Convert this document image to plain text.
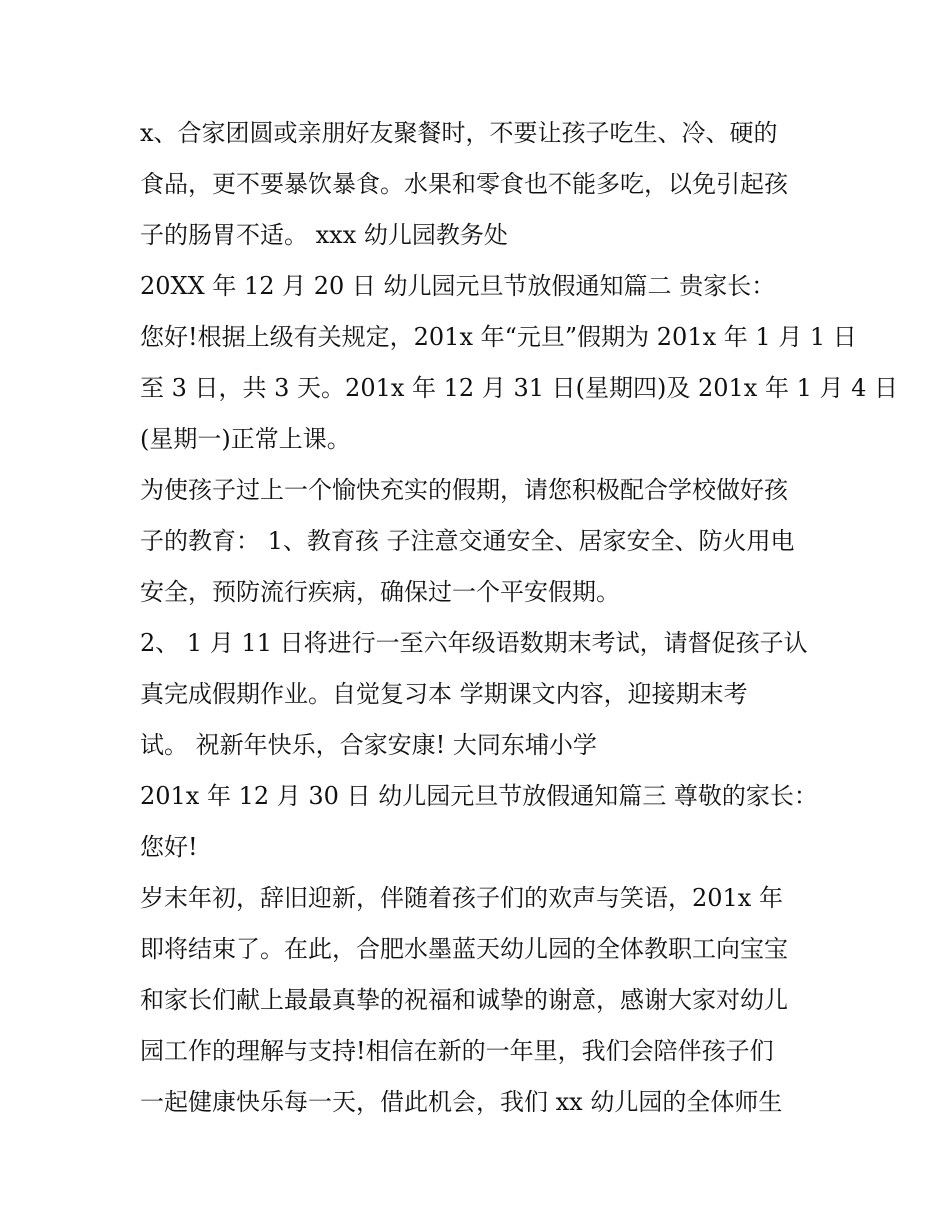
x、合家团圆或亲朋好友聚餐时，不要让孩子吃生、冷、硬的
食品，更不要暴饮暴食。水果和零食也不能多吃，以免引起孩
子的肠胃不适。 xxx 幼儿园教务处
20XX 年 12 月 20 日 幼儿园元旦节放假通知篇二 贵家长：
您好!根据上级有关规定，201x 年“元旦”假期为 201x 年 1 月 1 日
至 3 日，共 3 天。201x 年 12 月 31 日(星期四)及 201x 年 1 月 4 日
(星期一)正常上课。
为使孩子过上一个愉快充实的假期，请您积极配合学校做好孩
子的教育： 1、教育孩 子注意交通安全、居家安全、防火用电
安全，预防流行疾病，确保过一个平安假期。
2、 1 月 11 日将进行一至六年级语数期末考试，请督促孩子认
真完成假期作业。自觉复习本 学期课文内容，迎接期末考
试。 祝新年快乐，合家安康! 大同东埔小学
201x 年 12 月 30 日 幼儿园元旦节放假通知篇三 尊敬的家长：
您好!
岁末年初，辞旧迎新，伴随着孩子们的欢声与笑语，201x 年
即将结束了。在此，合肥水墨蓝天幼儿园的全体教职工向宝宝
和家长们献上最最真挚的祝福和诚挚的谢意，感谢大家对幼儿
园工作的理解与支持!相信在新的一年里，我们会陪伴孩子们
一起健康快乐每一天，借此机会，我们 xx 幼儿园的全体师生
